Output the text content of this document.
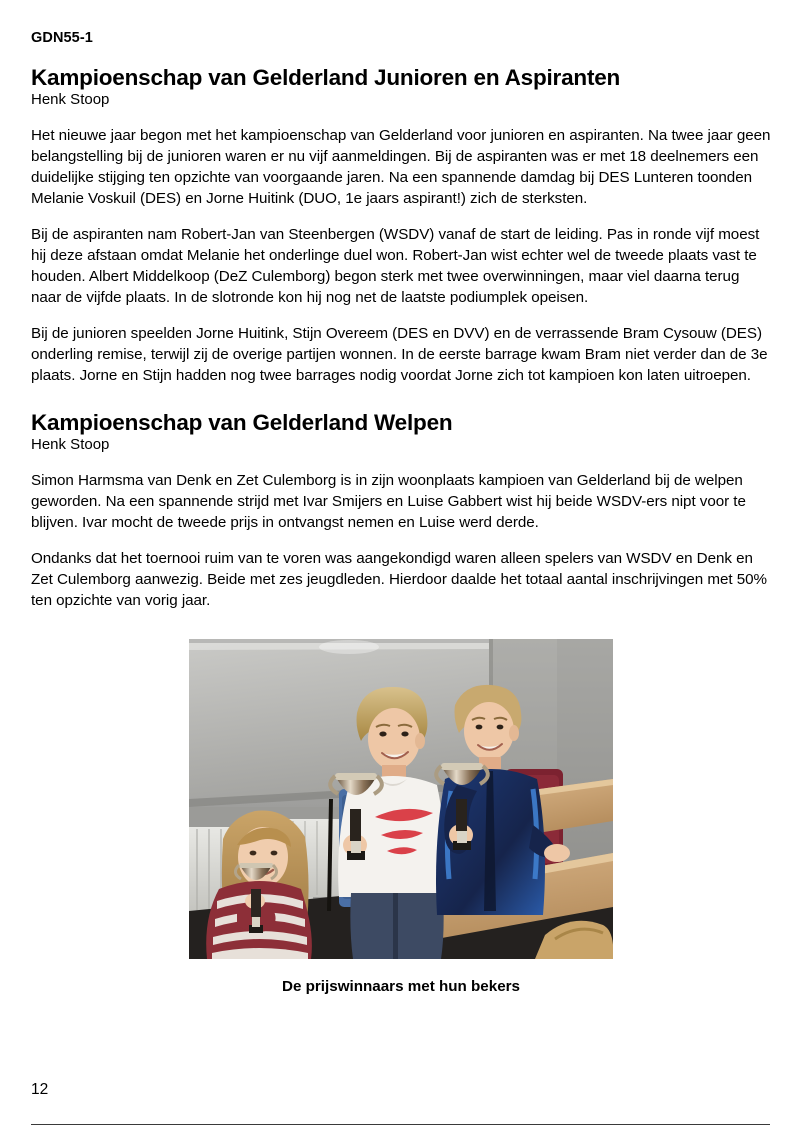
GDN55-1
Kampioenschap van Gelderland Junioren en Aspiranten
Henk Stoop

Het nieuwe jaar begon met het kampioenschap van Gelderland voor junioren en aspiranten. Na twee jaar geen belangstelling bij de junioren waren er nu vijf aanmeldingen. Bij de aspiranten was er met 18 deelnemers een duidelijke stijging ten opzichte van voorgaande jaren. Na een spannende damdag bij DES Lunteren toonden Melanie Voskuil (DES) en Jorne Huitink (DUO, 1e jaars aspirant!) zich de sterksten.

Bij de aspiranten nam Robert-Jan van Steenbergen (WSDV) vanaf de start de leiding. Pas in ronde vijf moest hij deze afstaan omdat Melanie het onderlinge duel won. Robert-Jan wist echter wel de tweede plaats vast te houden. Albert Middelkoop (DeZ Culemborg) begon sterk met twee overwinningen, maar viel daarna terug naar de vijfde plaats. In de slotronde kon hij nog net de laatste podiumplek opeisen.

Bij de junioren speelden Jorne Huitink, Stijn Overeem (DES en DVV) en de verrassende Bram Cysouw (DES) onderling remise, terwijl zij de overige partijen wonnen. In de eerste barrage kwam Bram niet verder dan de 3e plaats. Jorne en Stijn hadden nog twee barrages nodig voordat Jorne zich tot kampioen kon laten uitroepen.

Kampioenschap van Gelderland Welpen
Henk Stoop

Simon Harmsma van Denk en Zet Culemborg is in zijn woonplaats kampioen van Gelderland bij de welpen geworden. Na een spannende strijd met Ivar Smijers en Luise Gabbert wist hij beide WSDV-ers nipt voor te blijven. Ivar mocht de tweede prijs in ontvangst nemen en Luise werd derde.

Ondanks dat het toernooi ruim van te voren was aangekondigd waren alleen spelers van WSDV en Denk en Zet Culemborg aanwezig. Beide met zes jeugdleden. Hierdoor daalde het totaal aantal inschrijvingen met 50% ten opzichte van vorig jaar.

De prijswinnaars met hun bekers
12
